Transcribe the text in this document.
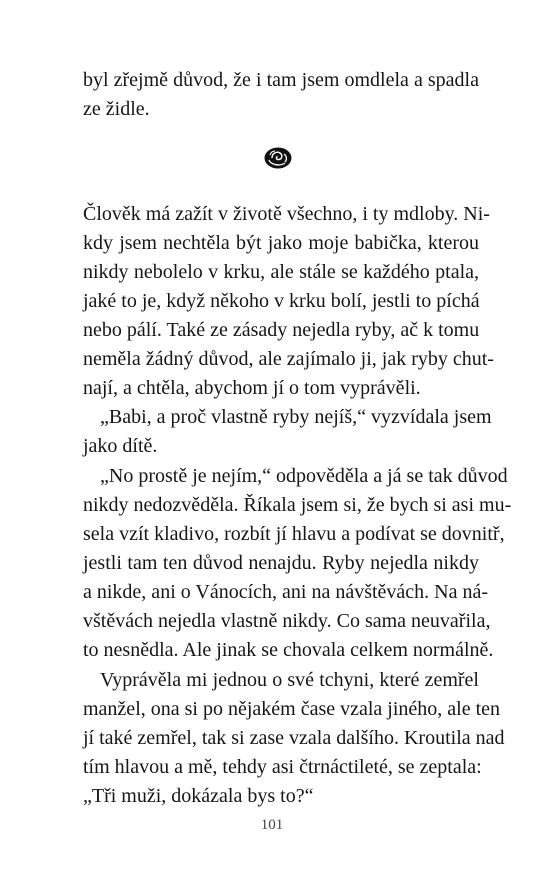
byl zřejmě důvod, že i tam jsem omdlela a spadla

ze židle.

Člověk má zažít v životě všechno, i ty mdloby. Ni-

kdy jsem nechtěla být jako moje babička, kterou

nikdy nebolelo v krku, ale stále se každého ptala,

jaké to je, když někoho v krku bolí, jestli to píchá

nebo pálí. Také ze zásady nejedla ryby, ač k tomu

neměla žádný důvod, ale zajímalo ji, jak ryby chut-

nají, a chtěla, abychom jí o tom vyprávěli.

„Babi, a proč vlastně ryby nejíš,“ vyzvídala jsem

jako dítě.

„No prostě je nejím,“ odpověděla a já se tak důvod

nikdy nedozvěděla. Říkala jsem si, že bych si asi mu-

sela vzít kladivo, rozbít jí hlavu a podívat se dovnitř,

jestli tam ten důvod nenajdu. Ryby nejedla nikdy

a nikde, ani o Vánocích, ani na návštěvách. Na ná-

vštěvách nejedla vlastně nikdy. Co sama neuvařila,

to nesnědla. Ale jinak se chovala celkem normálně.

Vyprávěla mi jednou o své tchyni, které zemřel

manžel, ona si po nějakém čase vzala jiného, ale ten

jí také zemřel, tak si zase vzala dalšího. Kroutila nad

tím hlavou a mě, tehdy asi čtrnáctileté, se zeptala:

„Tři muži, dokázala bys to?“

101
